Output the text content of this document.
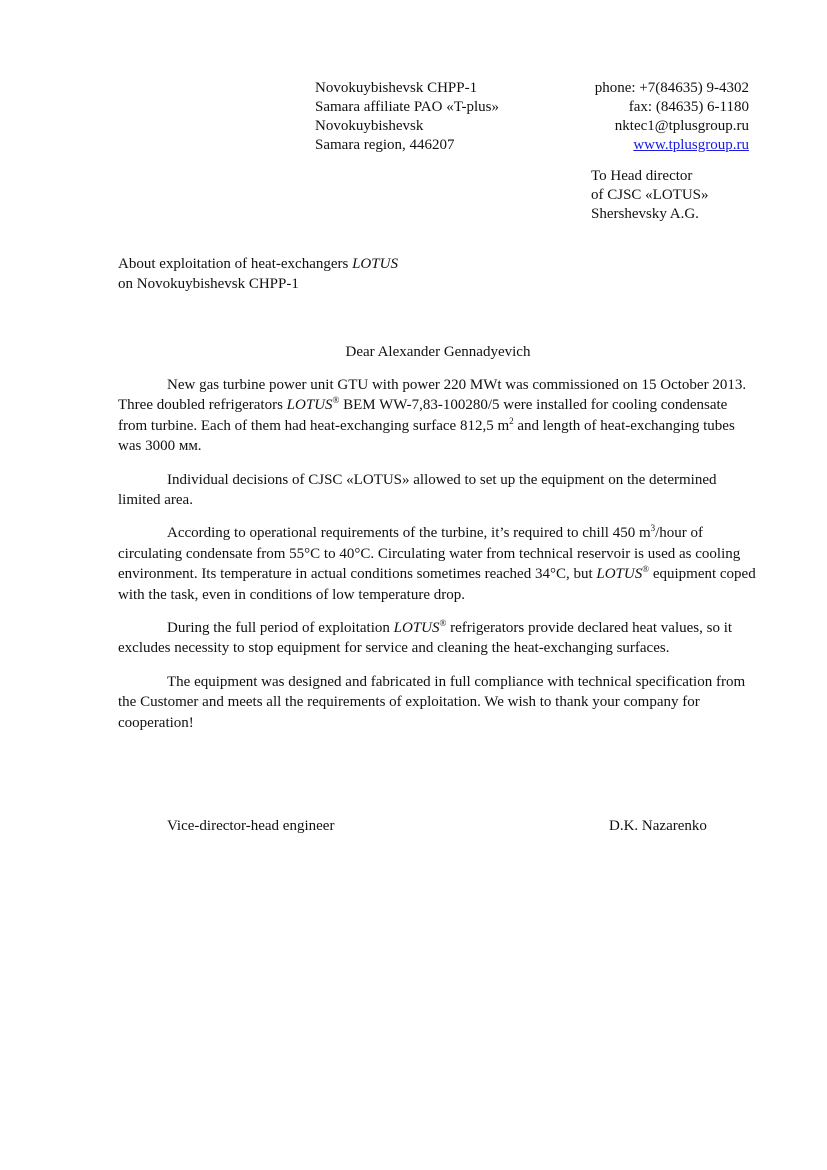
Novokuybishevsk CHPP-1
Samara affiliate PAO «T-plus»
Novokuybishevsk
Samara region, 446207
phone: +7(84635) 9-4302
fax: (84635) 6-1180
nktec1@tplusgroup.ru
www.tplusgroup.ru
To Head director
of CJSC «LOTUS»
Shershevsky A.G.
About exploitation of heat-exchangers LOTUS
on Novokuybishevsk CHPP-1
Dear Alexander Gennadyevich

New gas turbine power unit GTU with power 220 MWt was commissioned on 15 October 2013. Three doubled refrigerators LOTUS® BEM WW-7,83-100280/5 were installed for cooling condensate from turbine. Each of them had heat-exchanging surface 812,5 $m^2$ and length of heat-exchanging tubes was 3000 мм.

Individual decisions of CJSC «LOTUS» allowed to set up the equipment on the determined limited area.

According to operational requirements of the turbine, it’s required to chill 450 $m^3$/hour of circulating condensate from 55°C to 40°C. Circulating water from technical reservoir is used as cooling environment. Its temperature in actual conditions sometimes reached 34°C, but LOTUS® equipment coped with the task, even in conditions of low temperature drop.

During the full period of exploitation LOTUS® refrigerators provide declared heat values, so it excludes necessity to stop equipment for service and cleaning the heat-exchanging surfaces.

The equipment was designed and fabricated in full compliance with technical specification from the Customer and meets all the requirements of exploitation. We wish to thank your company for cooperation!

Vice-director-head engineer	D.K. Nazarenko
